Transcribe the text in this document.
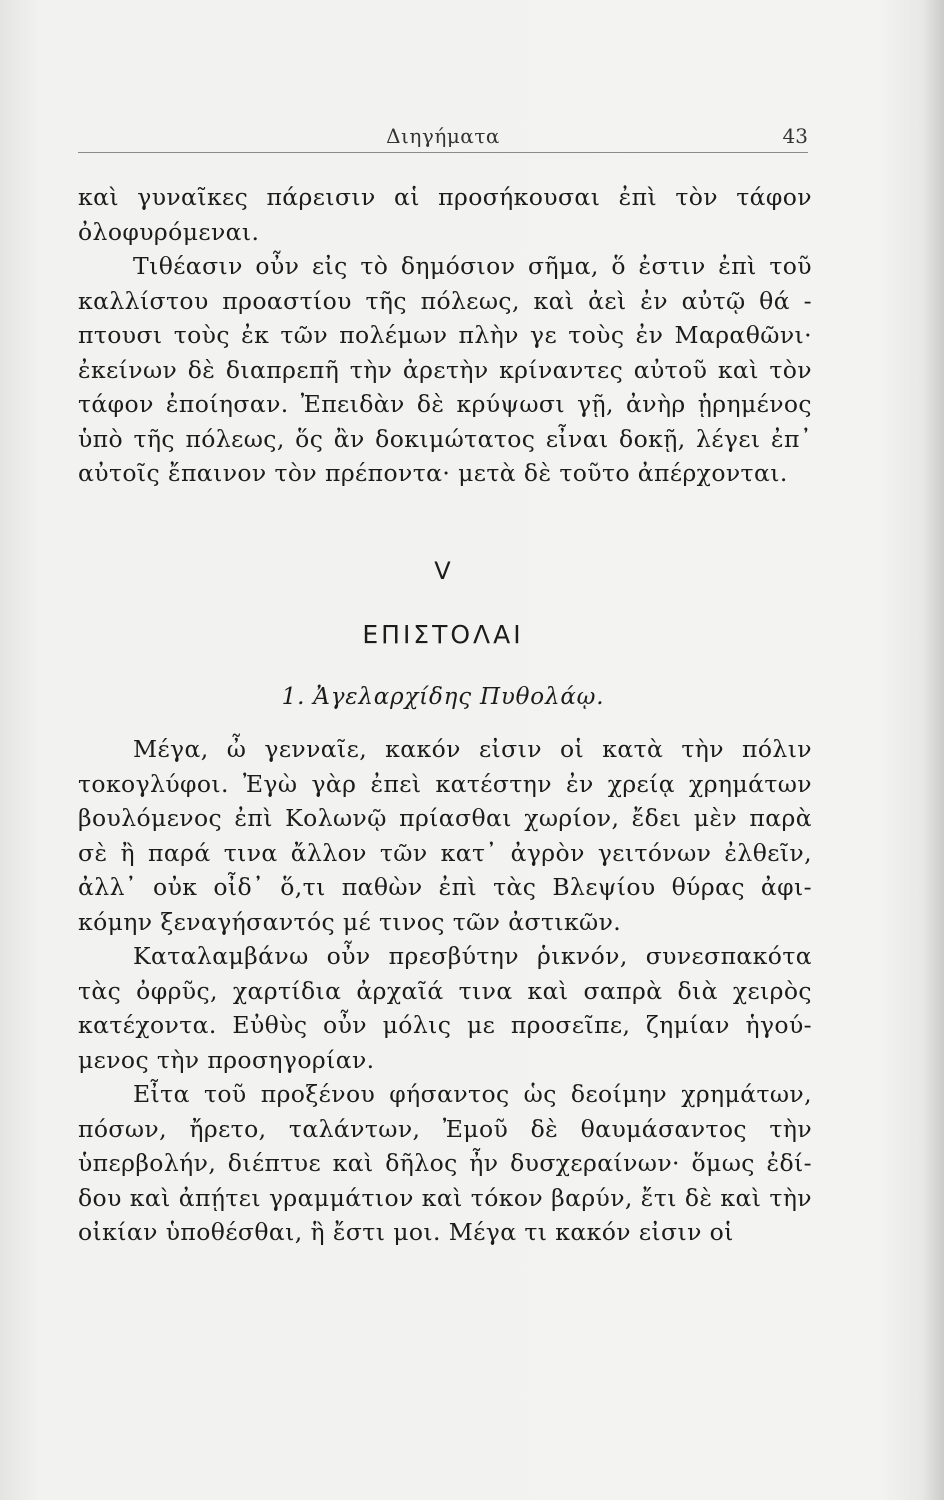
Διηγήματα	43

καὶ γυναῖκες πάρεισιν αἱ προσήκουσαι ἐπὶ τὸν τάφον ὀλοφυρόμεναι.

Τιθέασιν οὖν εἰς τὸ δημόσιον σῆμα, ὅ ἐστιν ἐπὶ τοῦ καλλίστου προαστίου τῆς πόλεως, καὶ ἀεὶ ἐν αὐτῷ θά - πτουσι τοὺς ἐκ τῶν πολέμων πλὴν γε τοὺς ἐν Μαραθῶνι· ἐκείνων δὲ διαπρεπῆ τὴν ἀρετὴν κρίναντες αὐτοῦ καὶ τὸν τάφον ἐποίησαν. Ἐπειδὰν δὲ κρύψωσι γῇ, ἀνὴρ ᾑρημένος ὑπὸ τῆς πόλεως, ὅς ἂν δοκιμώτατος εἶναι δοκῇ, λέγει ἐπ᾽ αὐτοῖς ἔπαινον τὸν πρέποντα· μετὰ δὲ τοῦτο ἀπέρχονται.

V
ΕΠΙΣΤΟΛΑΙ
1. Ἀγελαρχίδης Πυθολάῳ.

Μέγα, ὦ γενναῖε, κακόν εἰσιν οἱ κατὰ τὴν πόλιν τοκογλύφοι. Ἐγὼ γὰρ ἐπεὶ κατέστην ἐν χρείᾳ χρημάτων βουλόμενος ἐπὶ Κολωνῷ πρίασθαι χωρίον, ἔδει μὲν παρὰ σὲ ἢ παρά τινα ἄλλον τῶν κατ᾽ ἀγρὸν γειτόνων ἐλθεῖν, ἀλλ᾽ οὐκ οἶδ᾽ ὅ,τι παθὼν ἐπὶ τὰς Βλεψίου θύρας ἀφι- κόμην ξεναγήσαντός μέ τινος τῶν ἀστικῶν.

Καταλαμβάνω οὖν πρεσβύτην ῥικνόν, συνεσπακότα τὰς ὀφρῦς, χαρτίδια ἀρχαῖά τινα καὶ σαπρὰ διὰ χειρὸς κατέχοντα. Εὐθὺς οὖν μόλις με προσεῖπε, ζημίαν ἡγού- μενος τὴν προσηγορίαν.

Εἶτα τοῦ προξένου φήσαντος ὡς δεοίμην χρημάτων, πόσων, ἤρετο, ταλάντων, Ἐμοῦ δὲ θαυμάσαντος τὴν ὑπερβολήν, διέπτυε καὶ δῆλος ἦν δυσχεραίνων· ὅμως ἐδί- δου καὶ ἀπῄτει γραμμάτιον καὶ τόκον βαρύν, ἔτι δὲ καὶ τὴν οἰκίαν ὑποθέσθαι, ἣ ἔστι μοι. Μέγα τι κακόν εἰσιν οἱ
